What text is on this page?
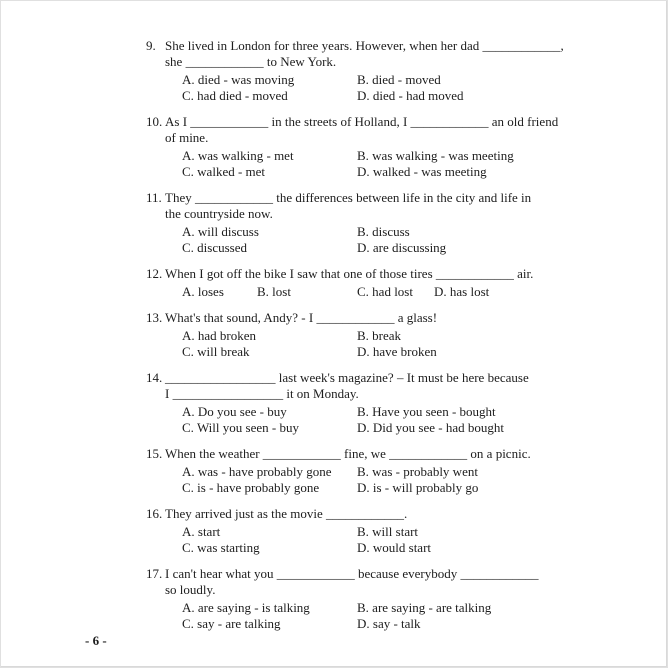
9. She lived in London for three years. However, when her dad ____________,
she ____________ to New York.
A. died - was moving	B. died - moved
C. had died - moved	D. died - had moved
10. As I ____________ in the streets of Holland, I ____________ an old friend
of mine.
A. was walking - met	B. was walking - was meeting
C. walked - met	D. walked - was meeting
11. They ____________ the differences between life in the city and life in
the countryside now.
A. will discuss	B. discuss
C. discussed	D. are discussing
12. When I got off the bike I saw that one of those tires ____________ air.
A. loses	B. lost	C. had lost	D. has lost
13. What's that sound, Andy? - I ____________ a glass!
A. had broken	B. break
C. will break	D. have broken
14. _________________ last week's magazine? – It must be here because
I _________________ it on Monday.
A. Do you see - buy	B. Have you seen - bought
C. Will you seen - buy	D. Did you see - had bought
15. When the weather ____________ fine, we ____________ on a picnic.
A. was - have probably gone	B. was - probably went
C. is - have probably gone	D. is - will probably go
16. They arrived just as the movie ____________.
A. start	B. will start
C. was starting	D. would start
17. I can't hear what you ____________ because everybody ____________
so loudly.
A. are saying - is talking	B. are saying - are talking
C. say - are talking	D. say - talk
- 6 -
